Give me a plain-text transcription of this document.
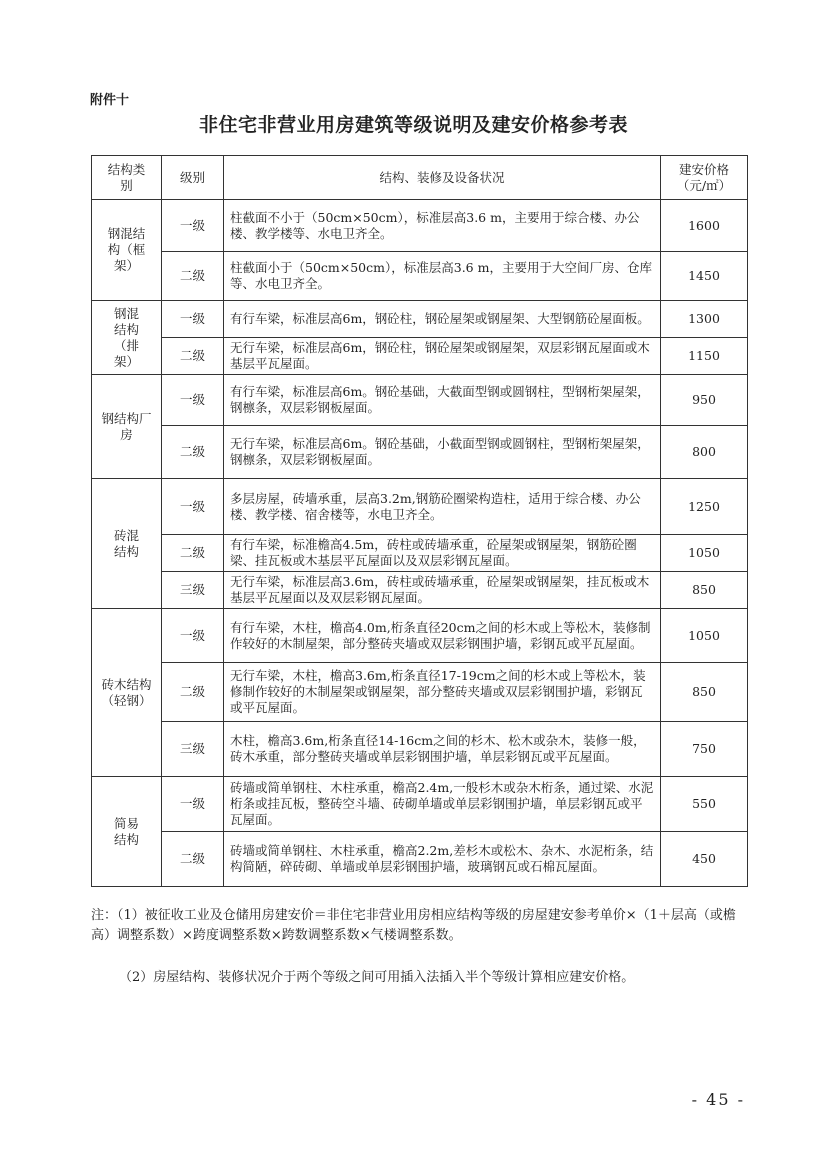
附件十
非住宅非营业用房建筑等级说明及建安价格参考表
结构类别	级别	结构、装修及设备状况	建安价格（元/㎡）
钢混结构（框架）	一级	柱截面不小于（50cm×50cm），标准层高3.6 m，主要用于综合楼、办公楼、教学楼等、水电卫齐全。	1600
	二级	柱截面小于（50cm×50cm），标准层高3.6 m，主要用于大空间厂房、仓库等、水电卫齐全。	1450
钢混结构（排架）	一级	有行车梁，标准层高6m，钢砼柱，钢砼屋架或钢屋架、大型钢筋砼屋面板。	1300
	二级	无行车梁，标准层高6m，钢砼柱，钢砼屋架或钢屋架，双层彩钢瓦屋面或木基层平瓦屋面。	1150
钢结构厂房	一级	有行车梁，标准层高6m。钢砼基础，大截面型钢或圆钢柱，型钢桁架屋架，钢檩条，双层彩钢板屋面。	950
	二级	无行车梁，标准层高6m。钢砼基础，小截面型钢或圆钢柱，型钢桁架屋架，钢檩条，双层彩钢板屋面。	800
砖混结构	一级	多层房屋，砖墙承重，层高3.2m,钢筋砼圈梁构造柱，适用于综合楼、办公楼、教学楼、宿舍楼等，水电卫齐全。	1250
	二级	有行车梁，标准檐高4.5m，砖柱或砖墙承重，砼屋架或钢屋架，钢筋砼圈梁、挂瓦板或木基层平瓦屋面以及双层彩钢瓦屋面。	1050
	三级	无行车梁，标准层高3.6m，砖柱或砖墙承重，砼屋架或钢屋架，挂瓦板或木基层平瓦屋面以及双层彩钢瓦屋面。	850
砖木结构（轻钢）	一级	有行车梁，木柱，檐高4.0m,桁条直径20cm之间的杉木或上等松木，装修制作较好的木制屋架，部分整砖夹墙或双层彩钢围护墙，彩钢瓦或平瓦屋面。	1050
	二级	无行车梁，木柱，檐高3.6m,桁条直径17-19cm之间的杉木或上等松木，装修制作较好的木制屋架或钢屋架，部分整砖夹墙或双层彩钢围护墙，彩钢瓦或平瓦屋面。	850
	三级	木柱，檐高3.6m,桁条直径14-16cm之间的杉木、松木或杂木，装修一般，砖木承重，部分整砖夹墙或单层彩钢围护墙，单层彩钢瓦或平瓦屋面。	750
简易结构	一级	砖墙或简单钢柱、木柱承重，檐高2.4m,一般杉木或杂木桁条，通过梁、水泥桁条或挂瓦板，整砖空斗墙、砖砌单墙或单层彩钢围护墙，单层彩钢瓦或平瓦屋面。	550
	二级	砖墙或简单钢柱、木柱承重，檐高2.2m,差杉木或松木、杂木、水泥桁条，结构简陋，碎砖砌、单墙或单层彩钢围护墙，玻璃钢瓦或石棉瓦屋面。	450
注：（1）被征收工业及仓储用房建安价＝非住宅非营业用房相应结构等级的房屋建安参考单价×（1＋层高（或檐高）调整系数）×跨度调整系数×跨数调整系数×气楼调整系数。
（2）房屋结构、装修状况介于两个等级之间可用插入法插入半个等级计算相应建安价格。
- 45 -
